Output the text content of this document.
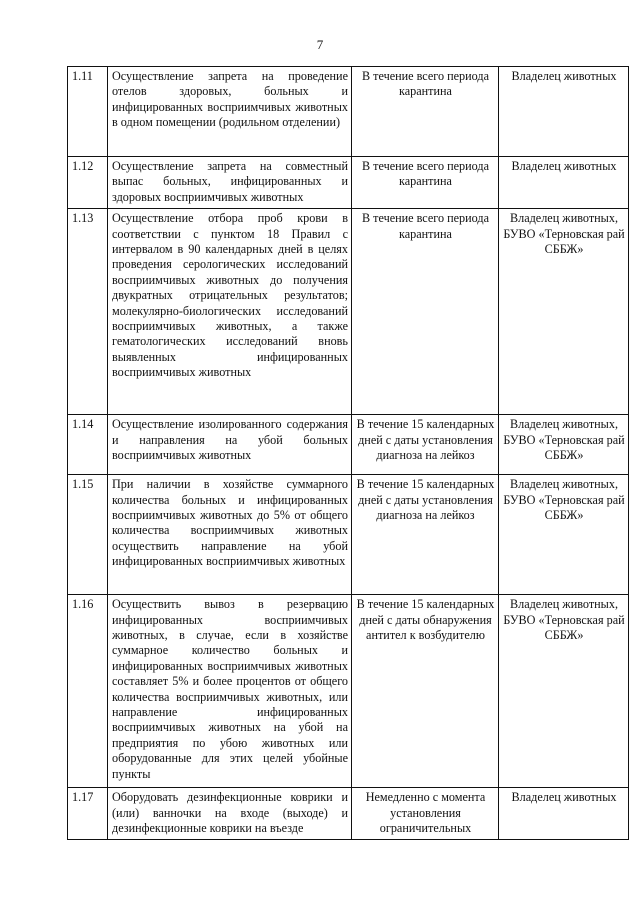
7
1.11	Осуществление запрета на проведение отелов здоровых, больных и инфицированных восприимчивых животных в одном помещении (родильном отделении)	В течение всего периода карантина	Владелец животных
1.12	Осуществление запрета на совместный выпас больных, инфицированных и здоровых восприимчивых животных	В течение всего периода карантина	Владелец животных
1.13	Осуществление отбора проб крови в соответствии с пунктом 18 Правил с интервалом в 90 календарных дней в целях проведения серологических исследований восприимчивых животных до получения двукратных отрицательных результатов; молекулярно-биологических исследований восприимчивых животных, а также гематологических исследований вновь выявленных инфицированных восприимчивых животных	В течение всего периода карантина	Владелец животных, БУВО «Терновская рай СББЖ»
1.14	Осуществление изолированного содержания и направления на убой больных восприимчивых животных	В течение 15 календарных дней с даты установления диагноза на лейкоз	Владелец животных, БУВО «Терновская рай СББЖ»
1.15	При наличии в хозяйстве суммарного количества больных и инфицированных восприимчивых животных до 5% от общего количества восприимчивых животных осуществить направление на убой инфицированных восприимчивых животных	В течение 15 календарных дней с даты установления диагноза на лейкоз	Владелец животных, БУВО «Терновская рай СББЖ»
1.16	Осуществить вывоз в резервацию инфицированных восприимчивых животных, в случае, если в хозяйстве суммарное количество больных и инфицированных восприимчивых животных составляет 5% и более процентов от общего количества восприимчивых животных, или направление инфицированных восприимчивых животных на убой на предприятия по убою животных или оборудованные для этих целей убойные пункты	В течение 15 календарных дней с даты обнаружения антител к возбудителю	Владелец животных, БУВО «Терновская рай СББЖ»
1.17	Оборудовать дезинфекционные коврики и (или) ванночки на входе (выходе) и дезинфекционные коврики на въезде	Немедленно с момента установления ограничительных	Владелец животных
